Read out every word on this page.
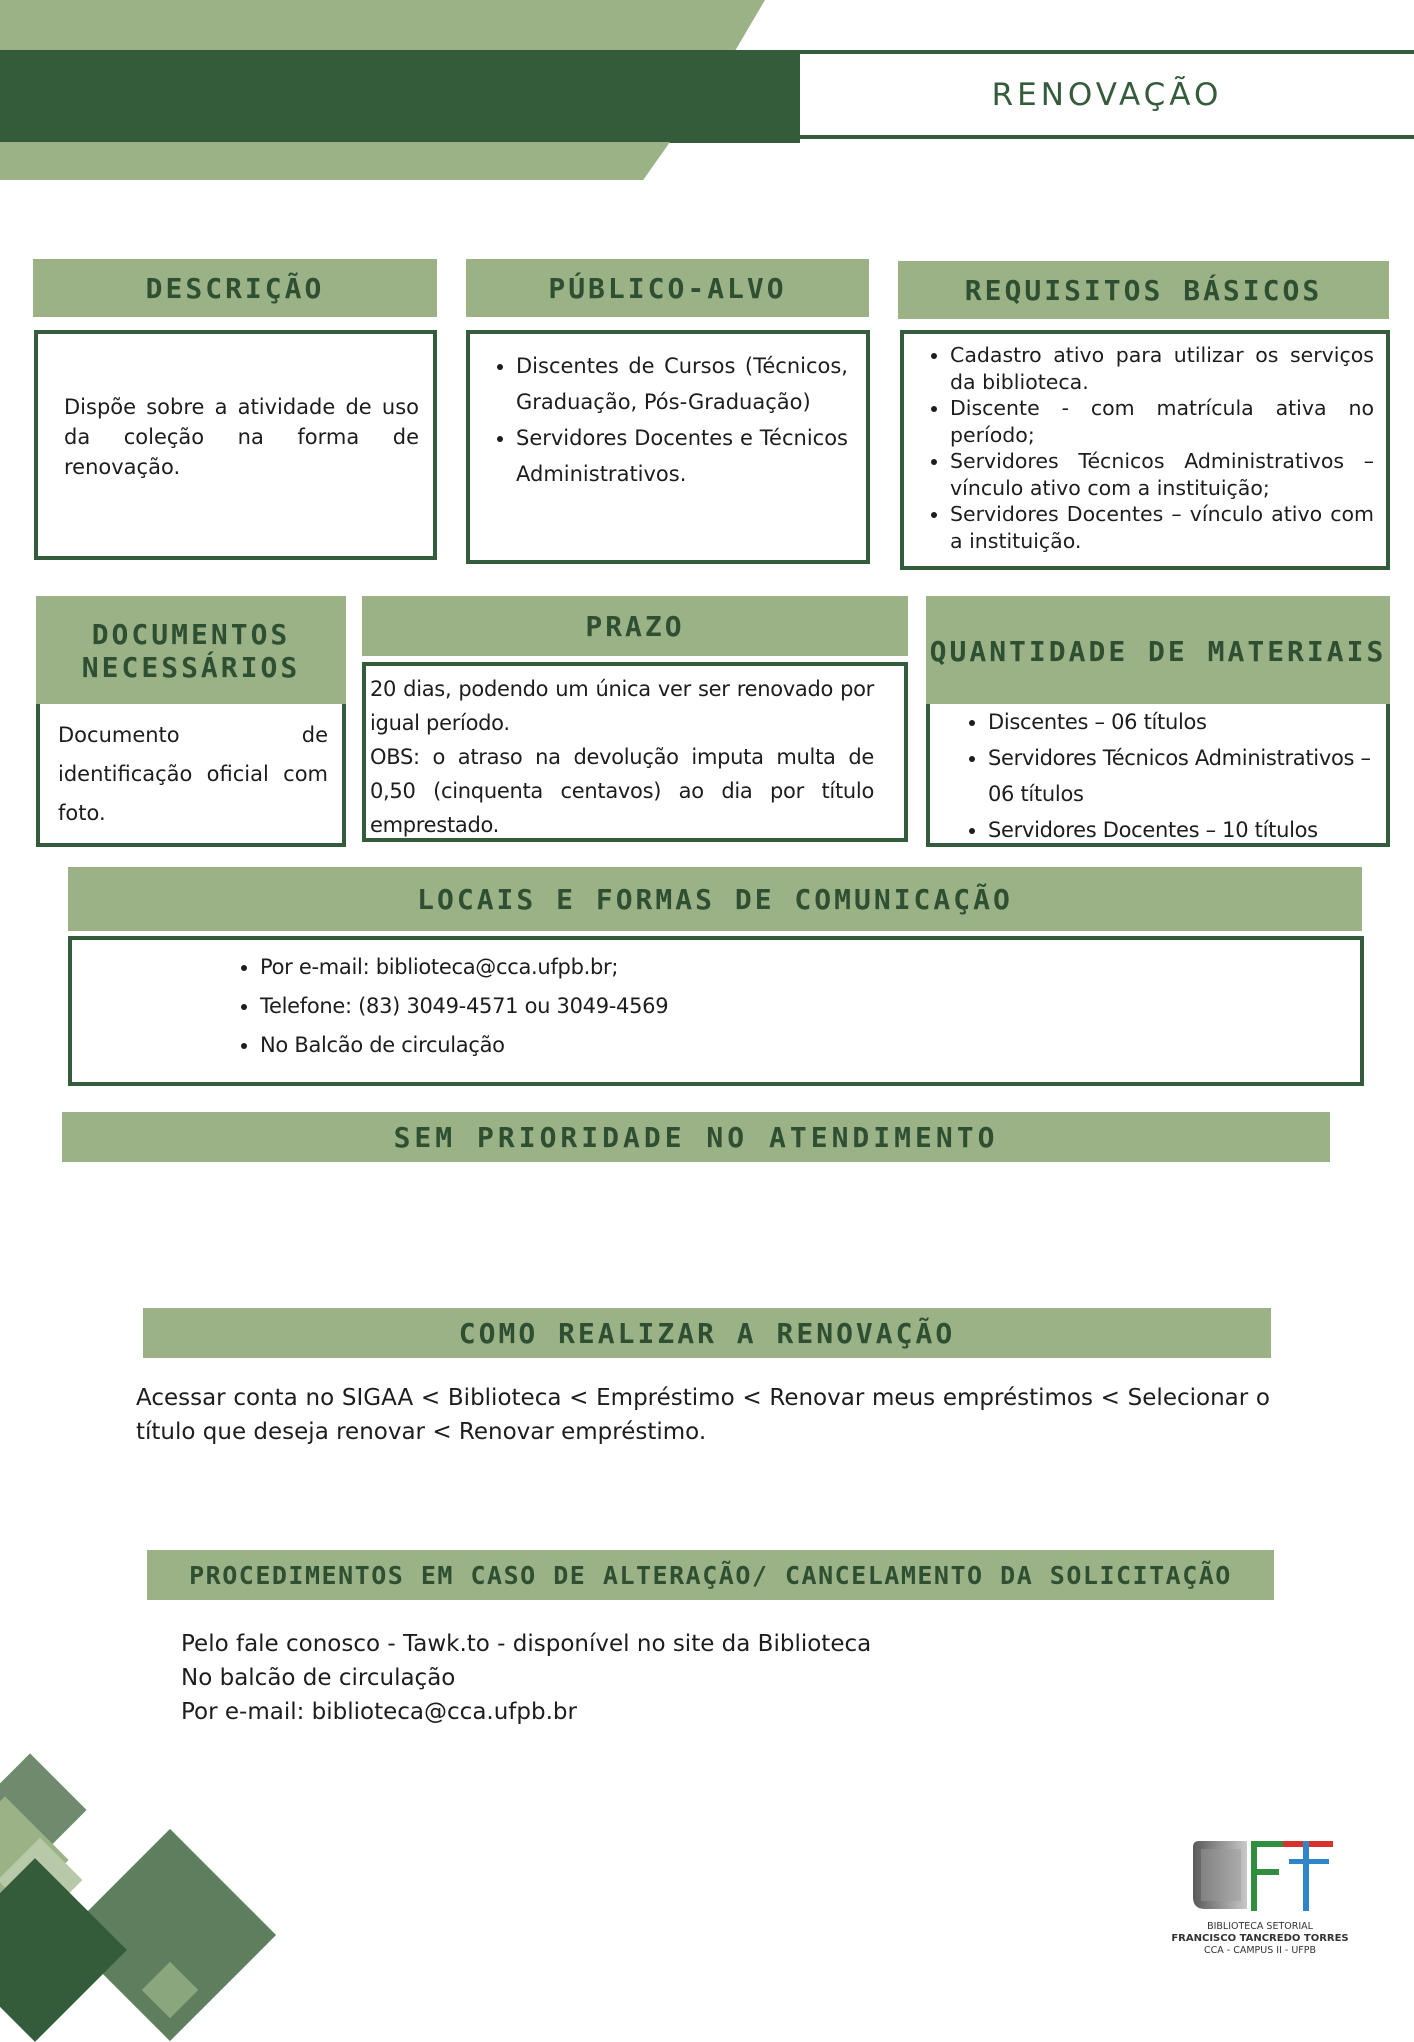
RENOVAÇÃO
DESCRIÇÃO
Dispõe sobre a atividade de uso da coleção na forma de renovação.
PÚBLICO-ALVO
• Discentes de Cursos (Técnicos, Graduação, Pós-Graduação)
• Servidores Docentes e Técnicos Administrativos.
REQUISITOS BÁSICOS
• Cadastro ativo para utilizar os serviços da biblioteca.
• Discente - com matrícula ativa no período;
• Servidores Técnicos Administrativos – vínculo ativo com a instituição;
• Servidores Docentes – vínculo ativo com a instituição.
DOCUMENTOS
NECESSÁRIOS
Documento de identificação oficial com foto.
PRAZO
20 dias, podendo um única ver ser renovado por igual período.
OBS: o atraso na devolução imputa multa de 0,50 (cinquenta centavos) ao dia por título emprestado.
QUANTIDADE DE MATERIAIS
• Discentes – 06 títulos
• Servidores Técnicos Administrativos – 06 títulos
• Servidores Docentes – 10 títulos
LOCAIS E FORMAS DE COMUNICAÇÃO
• Por e-mail: biblioteca@cca.ufpb.br;
• Telefone: (83) 3049-4571 ou 3049-4569
• No Balcão de circulação
SEM PRIORIDADE NO ATENDIMENTO
COMO REALIZAR A RENOVAÇÃO
Acessar conta no SIGAA < Biblioteca < Empréstimo < Renovar meus empréstimos < Selecionar o título que deseja renovar < Renovar empréstimo.
PROCEDIMENTOS EM CASO DE ALTERAÇÃO/ CANCELAMENTO DA SOLICITAÇÃO
Pelo fale conosco - Tawk.to - disponível no site da Biblioteca
No balcão de circulação
Por e-mail: biblioteca@cca.ufpb.br
BIBLIOTECA SETORIAL
FRANCISCO TANCREDO TORRES
CCA - CAMPUS II - UFPB
